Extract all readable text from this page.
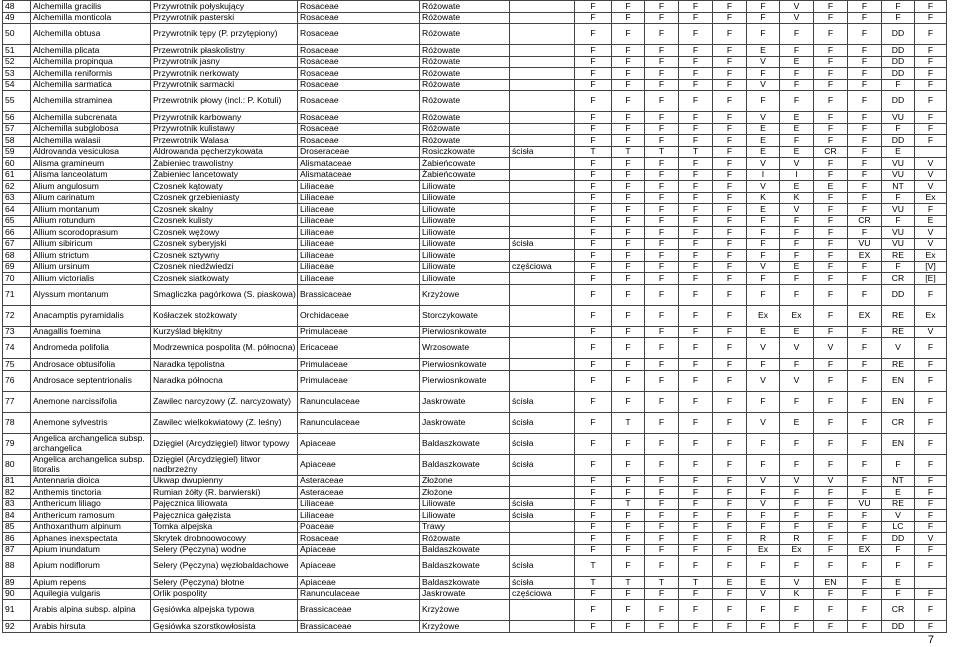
48	Alchemilla gracilis	Przywrotnik połyskujący	Rosaceae	Różowate		F	F	F	F	F	F	V	F	F	F	F
49	Alchemilla monticola	Przywrotnik pasterski	Rosaceae	Różowate		F	F	F	F	F	F	V	F	F	F	F
50	Alchemilla obtusa	Przywrotnik tępy (P. przytępiony)	Rosaceae	Różowate		F	F	F	F	F	F	F	F	F	DD	F
51	Alchemilla plicata	Przewrotnik płaskolistny	Rosaceae	Różowate		F	F	F	F	F	E	F	F	F	DD	F
52	Alchemilla propinqua	Przywrotnik jasny	Rosaceae	Różowate		F	F	F	F	F	V	E	F	F	DD	F
53	Alchemilla reniformis	Przywrotnik nerkowaty	Rosaceae	Różowate		F	F	F	F	F	F	F	F	F	DD	F
54	Alchemilla sarmatica	Przywrotnik sarmacki	Rosaceae	Różowate		F	F	F	F	F	V	F	F	F	F	F
55	Alchemilla straminea	Przewrotnik płowy (incl.: P. Kotuli)	Rosaceae	Różowate		F	F	F	F	F	F	F	F	F	DD	F
56	Alchemilla subcrenata	Przywrotnik karbowany	Rosaceae	Różowate		F	F	F	F	F	V	E	F	F	VU	F
57	Alchemilla subglobosa	Przywrotnik kulistawy	Rosaceae	Różowate		F	F	F	F	F	E	E	F	F	F	F
58	Alchemilla walasii	Przewrotnik Walasa	Rosaceae	Różowate		F	F	F	F	F	E	F	F	F	DD	F
59	Aldrovanda vesiculosa	Aldrowanda pęcherzykowata	Droseraceae	Rosiczkowate	ścisła	T	T	T	T	F	E	E	CR	F	E	
60	Alisma gramineum	Żabieniec trawolistny	Alismataceae	Żabieńcowate		F	F	F	F	F	V	V	F	F	VU	V
61	Alisma lanceolatum	Żabieniec lancetowaty	Alismataceae	Żabieńcowate		F	F	F	F	F	I	I	F	F	VU	V
62	Alium angulosum	Czosnek kątowaty	Liliaceae	Liliowate		F	F	F	F	F	V	E	E	F	NT	V
63	Alium carinatum	Czosnek grzebieniasty	Liliaceae	Liliowate		F	F	F	F	F	K	K	F	F	F	Ex
64	Allium montanum	Czosnek skalny	Liliaceae	Liliowate		F	F	F	F	F	E	V	F	F	VU	F
65	Allium rotundum	Czosnek kulisty	Liliaceae	Liliowate		F	F	F	F	F	F	F	F	CR	F	E
66	Allium scorodoprasum	Czosnek wężowy	Liliaceae	Liliowate		F	F	F	F	F	F	F	F	F	VU	V
67	Allium sibiricum	Czosnek syberyjski	Liliaceae	Liliowate	ścisła	F	F	F	F	F	F	F	F	VU	VU	V
68	Allium strictum	Czosnek sztywny	Liliaceae	Liliowate		F	F	F	F	F	F	F	F	EX	RE	Ex
69	Allium ursinum	Czosnek niedźwiedzi	Liliaceae	Liliowate	częściowa	F	F	F	F	F	V	E	F	F	F	[V]
70	Allium victorialis	Czosnek siatkowaty	Liliaceae	Liliowate		F	F	F	F	F	F	F	F	F	CR	[E]
71	Alyssum montanum	Smagliczka pagórkowa (S. piaskowa)	Brassicaceae	Krzyżowe		F	F	F	F	F	F	F	F	F	DD	F
72	Anacamptis pyramidalis	Kośłaczek stożkowaty	Orchidaceae	Storczykowate		F	F	F	F	F	Ex	Ex	F	EX	RE	Ex
73	Anagallis foemina	Kurzyślad błękitny	Primulaceae	Pierwiosnkowate		F	F	F	F	F	E	E	F	F	RE	V
74	Andromeda polifolia	Modrzewnica pospolita (M. północna)	Ericaceae	Wrzosowate		F	F	F	F	F	V	V	V	F	V	F
75	Androsace obtusifolia	Naradka tępolistna	Primulaceae	Pierwiosnkowate		F	F	F	F	F	F	F	F	F	RE	F
76	Androsace septentrionalis	Naradka północna	Primulaceae	Pierwiosnkowate		F	F	F	F	F	V	V	F	F	EN	F
77	Anemone narcissifolia	Zawilec narcyzowy (Z. narcyzowaty)	Ranunculaceae	Jaskrowate	ścisła	F	F	F	F	F	F	F	F	F	EN	F
78	Anemone sylvestris	Zawilec wielkokwiatowy (Z. leśny)	Ranunculaceae	Jaskrowate	ścisła	F	T	F	F	F	V	E	F	F	CR	F
79	Angelica archangelica subsp. archangelica	Dzięgiel (Arcydzięgiel) litwor typowy	Apiaceae	Baldaszkowate	ścisła	F	F	F	F	F	F	F	F	F	EN	F
80	Angelica archangelica subsp. litoralis	Dzięgiel (Arcydzięgiel) litwor nadbrzeżny	Apiaceae	Baldaszkowate	ścisła	F	F	F	F	F	F	F	F	F	F	F
81	Antennaria dioica	Ukwap dwupienny	Asteraceae	Złożone		F	F	F	F	F	V	V	V	F	NT	F
82	Anthemis tinctoria	Rumian żółty (R. barwierski)	Asteraceae	Złożone		F	F	F	F	F	F	F	F	F	E	F
83	Anthericum liliago	Pajęcznica liliowata	Liliaceae	Liliowate	ścisła	F	T	F	F	F	V	F	F	VU	RE	F
84	Anthericum ramosum	Pajęcznica gałęzista	Liliaceae	Liliowate	ścisła	F	F	F	F	F	F	F	F	F	V	F
85	Anthoxanthum alpinum	Tomka alpejska	Poaceae	Trawy		F	F	F	F	F	F	F	F	F	LC	F
86	Aphanes inexspectata	Skrytek drobnoowocowy	Rosaceae	Różowate		F	F	F	F	F	R	R	F	F	DD	V
87	Apium inundatum	Selery (Pęczyna) wodne	Apiaceae	Baldaszkowate		F	F	F	F	F	Ex	Ex	F	EX	F	F
88	Apium nodiflorum	Selery (Pęczyna) węzłobaldachowe	Apiaceae	Baldaszkowate	ścisła	T	F	F	F	F	F	F	F	F	F	F
89	Apium repens	Selery (Pęczyna) błotne	Apiaceae	Baldaszkowate	ścisła	T	T	T	T	E	E	V	EN	F	E	
90	Aquilegia vulgaris	Orlik pospolity	Ranunculaceae	Jaskrowate	częściowa	F	F	F	F	F	V	K	F	F	F	F
91	Arabis alpina subsp. alpina	Gęsiówka alpejska typowa	Brassicaceae	Krzyżowe		F	F	F	F	F	F	F	F	F	CR	F
92	Arabis hirsuta	Gęsiówka szorstkowłosista	Brassicaceae	Krzyżowe		F	F	F	F	F	F	F	F	F	DD	F
7
